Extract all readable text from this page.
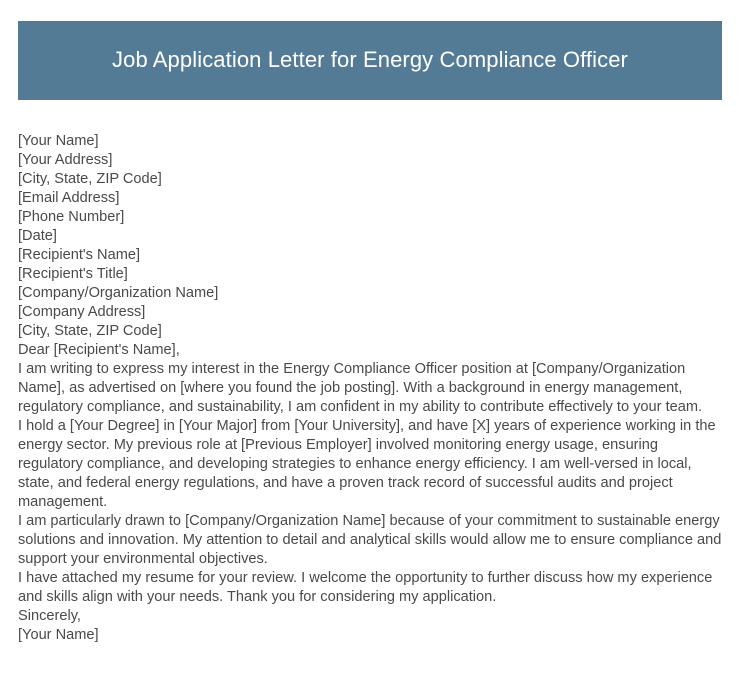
Job Application Letter for Energy Compliance Officer
[Your Name]
[Your Address]
[City, State, ZIP Code]
[Email Address]
[Phone Number]
[Date]
[Recipient's Name]
[Recipient's Title]
[Company/Organization Name]
[Company Address]
[City, State, ZIP Code]
Dear [Recipient's Name],

I am writing to express my interest in the Energy Compliance Officer position at [Company/Organization Name], as advertised on [where you found the job posting]. With a background in energy management, regulatory compliance, and sustainability, I am confident in my ability to contribute effectively to your team.

I hold a [Your Degree] in [Your Major] from [Your University], and have [X] years of experience working in the energy sector. My previous role at [Previous Employer] involved monitoring energy usage, ensuring regulatory compliance, and developing strategies to enhance energy efficiency. I am well-versed in local, state, and federal energy regulations, and have a proven track record of successful audits and project management.

I am particularly drawn to [Company/Organization Name] because of your commitment to sustainable energy solutions and innovation. My attention to detail and analytical skills would allow me to ensure compliance and support your environmental objectives.

I have attached my resume for your review. I welcome the opportunity to further discuss how my experience and skills align with your needs. Thank you for considering my application.

Sincerely,
[Your Name]
